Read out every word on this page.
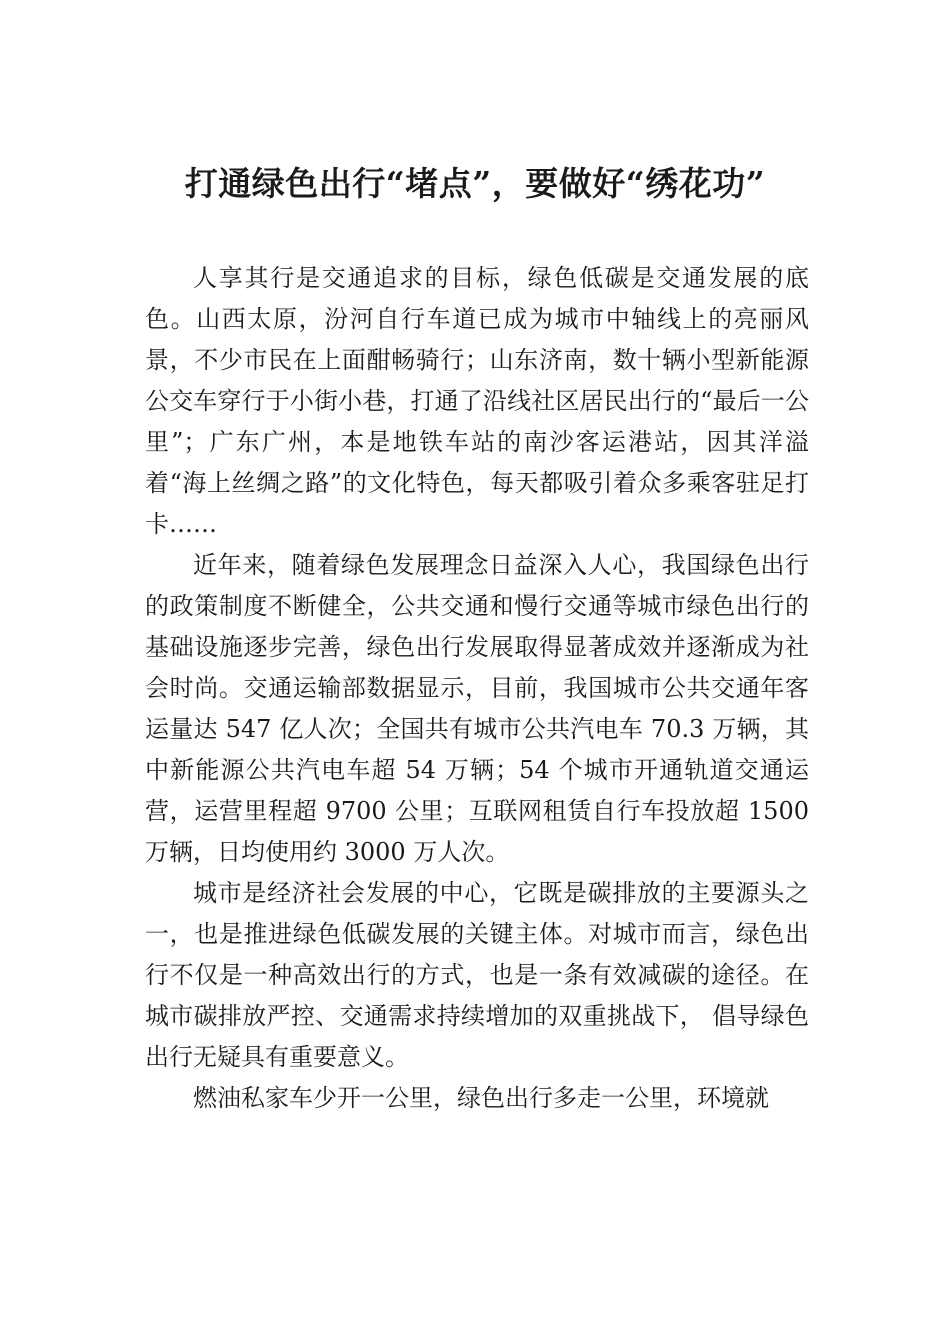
打通绿色出行“堵点”，要做好“绣花功”

人享其行是交通追求的目标，绿色低碳是交通发展的底色。山西太原，汾河自行车道已成为城市中轴线上的亮丽风景，不少市民在上面酣畅骑行；山东济南，数十辆小型新能源公交车穿行于小街小巷，打通了沿线社区居民出行的“最后一公里”；广东广州，本是地铁车站的南沙客运港站，因其洋溢着“海上丝绸之路”的文化特色，每天都吸引着众多乘客驻足打卡……

近年来，随着绿色发展理念日益深入人心，我国绿色出行的政策制度不断健全，公共交通和慢行交通等城市绿色出行的基础设施逐步完善，绿色出行发展取得显著成效并逐渐成为社会时尚。交通运输部数据显示，目前，我国城市公共交通年客运量达 547 亿人次；全国共有城市公共汽电车 70.3 万辆，其中新能源公共汽电车超 54 万辆；54 个城市开通轨道交通运营，运营里程超 9700 公里；互联网租赁自行车投放超 1500 万辆，日均使用约 3000 万人次。

城市是经济社会发展的中心，它既是碳排放的主要源头之一，也是推进绿色低碳发展的关键主体。对城市而言，绿色出行不仅是一种高效出行的方式，也是一条有效减碳的途径。在城市碳排放严控、交通需求持续增加的双重挑战下， 倡导绿色出行无疑具有重要意义。

燃油私家车少开一公里，绿色出行多走一公里，环境就
